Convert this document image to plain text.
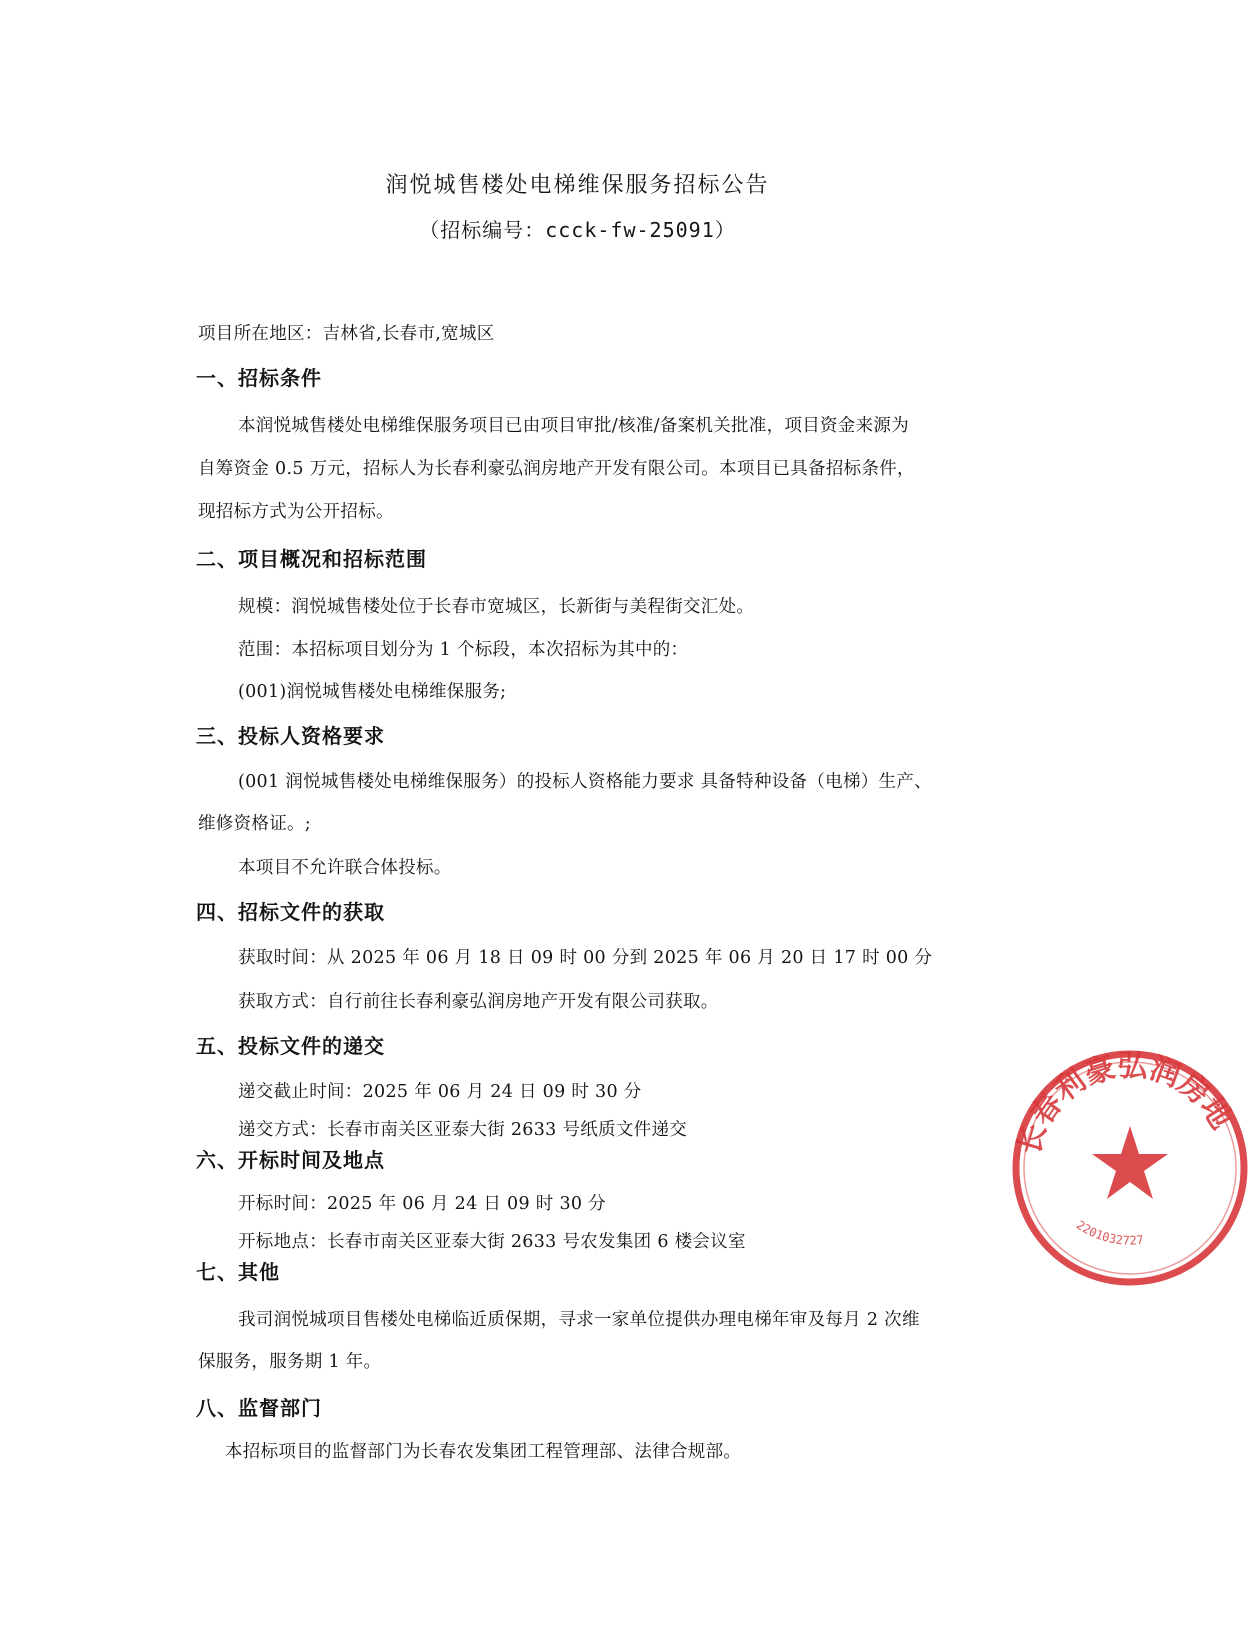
润悦城售楼处电梯维保服务招标公告
（招标编号：ccck-fw-25091）
项目所在地区：吉林省,长春市,宽城区
一、招标条件
本润悦城售楼处电梯维保服务项目已由项目审批/核准/备案机关批准，项目资金来源为
自筹资金 0.5 万元，招标人为长春利豪弘润房地产开发有限公司。本项目已具备招标条件，
现招标方式为公开招标。
二、项目概况和招标范围
规模：润悦城售楼处位于长春市宽城区，长新街与美程街交汇处。
范围：本招标项目划分为 1 个标段，本次招标为其中的：
(001)润悦城售楼处电梯维保服务;
三、投标人资格要求
(001 润悦城售楼处电梯维保服务）的投标人资格能力要求 具备特种设备（电梯）生产、
维修资格证。;
本项目不允许联合体投标。
四、招标文件的获取
获取时间：从 2025 年 06 月 18 日 09 时 00 分到 2025 年 06 月 20 日 17 时 00 分
获取方式：自行前往长春利豪弘润房地产开发有限公司获取。
五、投标文件的递交
递交截止时间：2025 年 06 月 24 日 09 时 30 分
递交方式：长春市南关区亚泰大街 2633 号纸质文件递交
六、开标时间及地点
开标时间：2025 年 06 月 24 日 09 时 30 分
开标地点：长春市南关区亚泰大街 2633 号农发集团 6 楼会议室
七、其他
我司润悦城项目售楼处电梯临近质保期，寻求一家单位提供办理电梯年审及每月 2 次维
保服务，服务期 1 年。
八、监督部门
本招标项目的监督部门为长春农发集团工程管理部、法律合规部。
长春利豪弘润房地
2201032727
